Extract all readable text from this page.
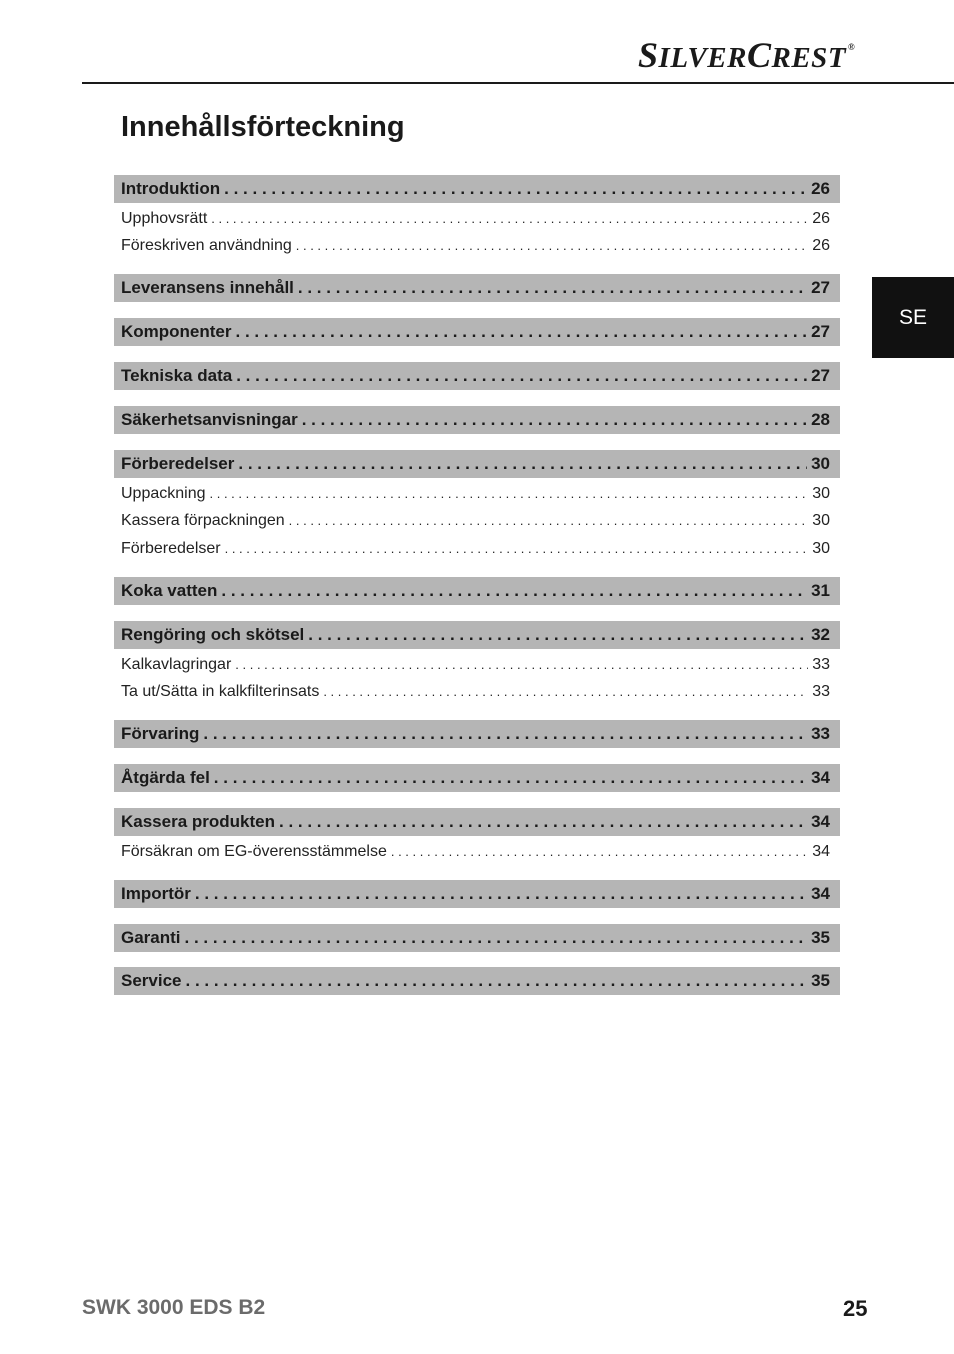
SILVERCREST ®
Innehållsförteckning
SE
Introduktion . . .	26
Upphovsrätt . . .	26
Föreskriven användning . . .	26
Leveransens innehåll . . .	27
Komponenter . . .	27
Tekniska data . . .	27
Säkerhetsanvisningar . . .	28
Förberedelser . . .	30
Uppackning . . .	30
Kassera förpackningen . . .	30
Förberedelser . . .	30
Koka vatten . . .	31
Rengöring och skötsel . . .	32
Kalkavlagringar . . .	33
Ta ut/Sätta in kalkfilterinsats . . .	33
Förvaring . . .	33
Åtgärda fel . . .	34
Kassera produkten . . .	34
Försäkran om EG-överensstämmelse . . .	34
Importör . . .	34
Garanti . . .	35
Service . . .	35
SWK 3000 EDS B2	25
